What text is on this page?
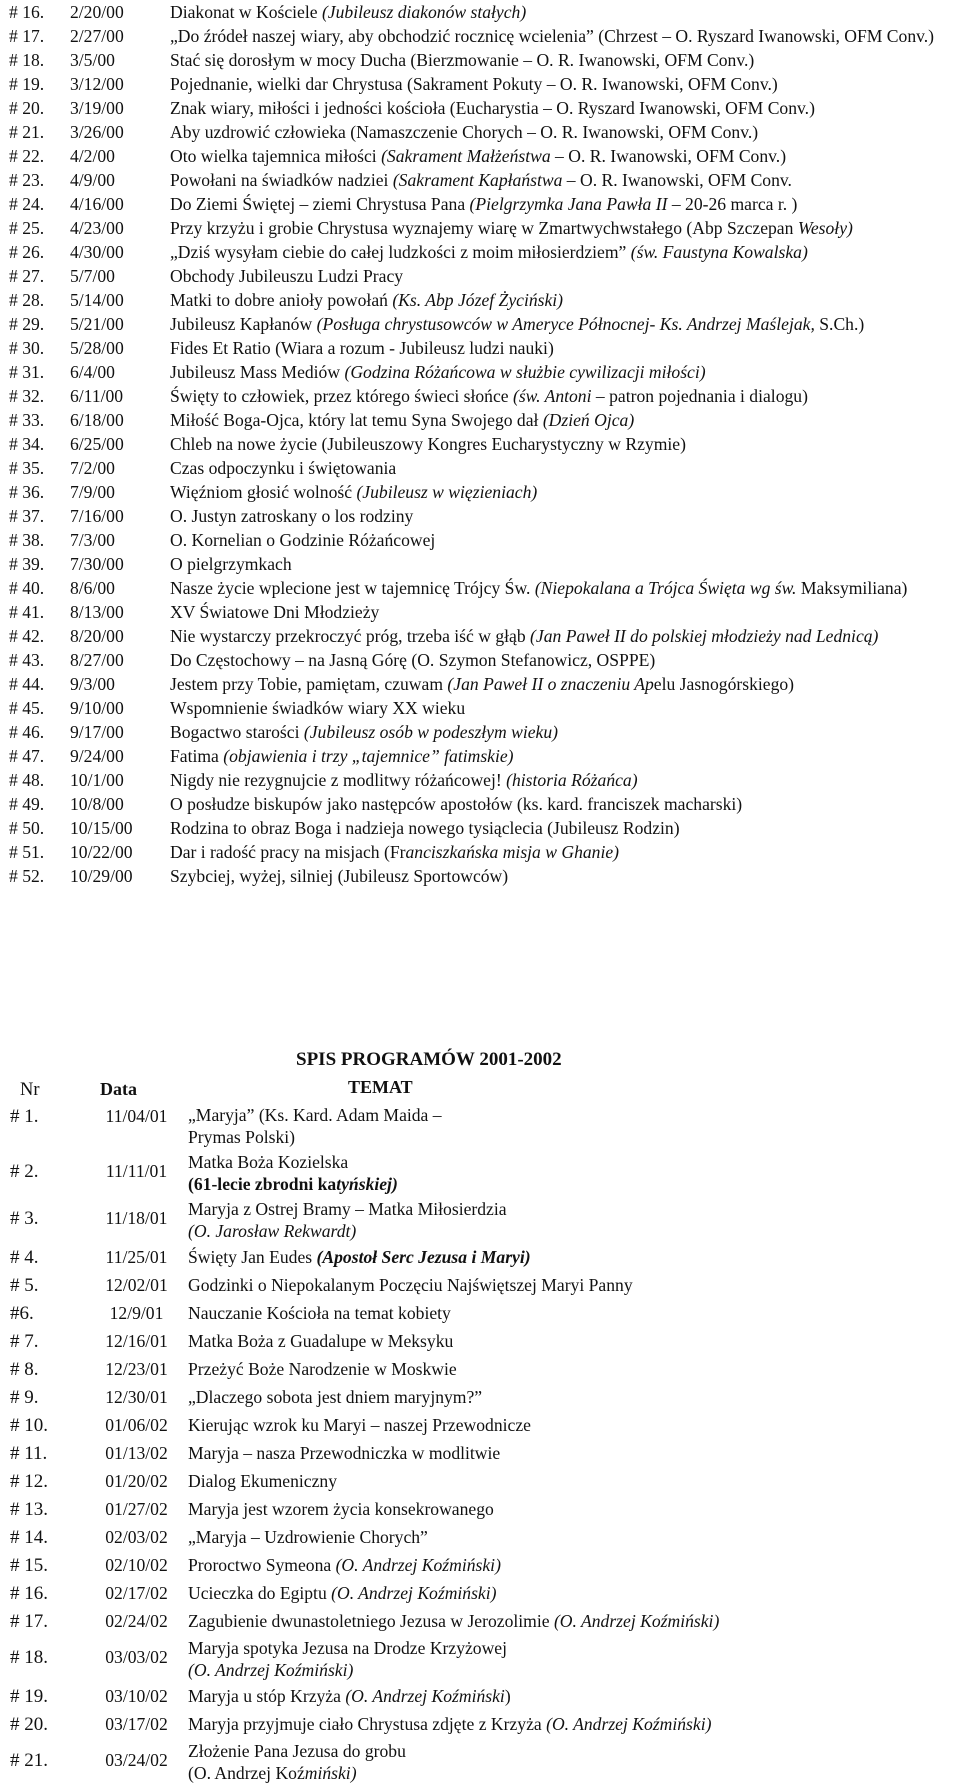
# 16.	2/20/00	Diakonat w Kościele (Jubileusz diakonów stałych)
# 17.	2/27/00	„Do źródeł naszej wiary, aby obchodzić rocznicę wcielenia” (Chrzest – O. Ryszard Iwanowski, OFM Conv.)
# 18.	3/5/00	Stać się dorosłym w mocy Ducha (Bierzmowanie – O. R. Iwanowski, OFM Conv.)
# 19.	3/12/00	Pojednanie, wielki dar Chrystusa (Sakrament Pokuty – O. R. Iwanowski, OFM Conv.)
# 20.	3/19/00	Znak wiary, miłości i jedności kościoła (Eucharystia – O. Ryszard Iwanowski, OFM Conv.)
# 21.	3/26/00	Aby uzdrowić człowieka (Namaszczenie Chorych – O. R. Iwanowski, OFM Conv.)
# 22.	4/2/00	Oto wielka tajemnica miłości (Sakrament Małżeństwa – O. R. Iwanowski, OFM Conv.)
# 23.	4/9/00	Powołani na świadków nadziei (Sakrament Kapłaństwa – O. R. Iwanowski, OFM Conv.
# 24.	4/16/00	Do Ziemi Świętej – ziemi Chrystusa Pana (Pielgrzymka Jana Pawła II – 20-26 marca r. )
# 25.	4/23/00	Przy krzyżu i grobie Chrystusa wyznajemy wiarę w Zmartwychwstałego (Abp Szczepan Wesoły)
# 26.	4/30/00	„Dziś wysyłam ciebie do całej ludzkości z moim miłosierdziem” (św. Faustyna Kowalska)
# 27.	5/7/00	Obchody Jubileuszu Ludzi Pracy
# 28.	5/14/00	Matki to dobre anioły powołań (Ks. Abp Józef Życiński)
# 29.	5/21/00	Jubileusz Kapłanów (Posługa chrystusowców w Ameryce Północnej- Ks. Andrzej Maślejak, S.Ch.)
# 30.	5/28/00	Fides Et Ratio (Wiara a rozum - Jubileusz ludzi nauki)
# 31.	6/4/00	Jubileusz Mass Mediów (Godzina Różańcowa w służbie cywilizacji miłości)
# 32.	6/11/00	Święty to człowiek, przez którego świeci słońce (św. Antoni – patron pojednania i dialogu)
# 33.	6/18/00	Miłość Boga-Ojca, który lat temu Syna Swojego dał (Dzień Ojca)
# 34.	6/25/00	Chleb na nowe życie (Jubileuszowy Kongres Eucharystyczny w Rzymie)
# 35.	7/2/00	Czas odpoczynku i świętowania
# 36.	7/9/00	Więźniom głosić wolność (Jubileusz w więzieniach)
# 37.	7/16/00	O. Justyn zatroskany o los rodziny
# 38.	7/3/00	O. Kornelian o Godzinie Różańcowej
# 39.	7/30/00	O pielgrzymkach
# 40.	8/6/00	Nasze życie wplecione jest w tajemnicę Trójcy Św. (Niepokalana a Trójca Święta wg św. Maksymiliana)
# 41.	8/13/00	XV Światowe Dni Młodzieży
# 42.	8/20/00	Nie wystarczy przekroczyć próg, trzeba iść w głąb (Jan Paweł II do polskiej młodzieży nad Lednicą)
# 43.	8/27/00	Do Częstochowy – na Jasną Górę (O. Szymon Stefanowicz, OSPPE)
# 44.	9/3/00	Jestem przy Tobie, pamiętam, czuwam (Jan Paweł II o znaczeniu Apelu Jasnogórskiego)
# 45.	9/10/00	Wspomnienie świadków wiary XX wieku
# 46.	9/17/00	Bogactwo starości (Jubileusz osób w podeszłym wieku)
# 47.	9/24/00	Fatima (objawienia i trzy „tajemnice” fatimskie)
# 48.	10/1/00	Nigdy nie rezygnujcie z modlitwy różańcowej! (historia Różańca)
# 49.	10/8/00	O posłudze biskupów jako następców apostołów (ks. kard. franciszek macharski)
# 50.	10/15/00	Rodzina to obraz Boga i nadzieja nowego tysiąclecia (Jubileusz Rodzin)
# 51.	10/22/00	Dar i radość pracy na misjach (Franciszkańska misja w Ghanie)
# 52.	10/29/00	Szybciej, wyżej, silniej (Jubileusz Sportowców)
SPIS PROGRAMÓW 2001-2002
Nr	Data	TEMAT
# 1.	11/04/01	„Maryja” (Ks. Kard. Adam Maida – Prymas Polski)
# 2.	11/11/01	Matka Boża Kozielska
(61-lecie zbrodni katyńskiej)
# 3.	11/18/01	Maryja z Ostrej Bramy – Matka Miłosierdzia
(O. Jarosław Rekwardt)
# 4.	11/25/01	Święty Jan Eudes (Apostoł Serc Jezusa i Maryi)
# 5.	12/02/01	Godzinki o Niepokalanym Poczęciu Najświętszej Maryi Panny
#6.	12/9/01	Nauczanie Kościoła na temat kobiety
# 7.	12/16/01	Matka Boża z Guadalupe w Meksyku
# 8.	12/23/01	Przeżyć Boże Narodzenie w Moskwie
# 9.	12/30/01	„Dlaczego sobota jest dniem maryjnym?”
# 10.	01/06/02	Kierując wzrok ku Maryi – naszej Przewodnicze
# 11.	01/13/02	Maryja – nasza Przewodniczka w modlitwie
# 12.	01/20/02	Dialog Ekumeniczny
# 13.	01/27/02	Maryja jest wzorem życia konsekrowanego
# 14.	02/03/02	„Maryja – Uzdrowienie Chorych”
# 15.	02/10/02	Proroctwo Symeona (O. Andrzej Koźmiński)
# 16.	02/17/02	Ucieczka do Egiptu (O. Andrzej Koźmiński)
# 17.	02/24/02	Zagubienie dwunastoletniego Jezusa w Jerozolimie (O. Andrzej Koźmiński)
# 18.	03/03/02	Maryja spotyka Jezusa na Drodze Krzyżowej
(O. Andrzej Koźmiński)
# 19.	03/10/02	Maryja u stóp Krzyża (O. Andrzej Koźmiński)
# 20.	03/17/02	Maryja przyjmuje ciało Chrystusa zdjęte z Krzyża (O. Andrzej Koźmiński)
# 21.	03/24/02	Złożenie Pana Jezusa do grobu
(O. Andrzej Koźmiński)
